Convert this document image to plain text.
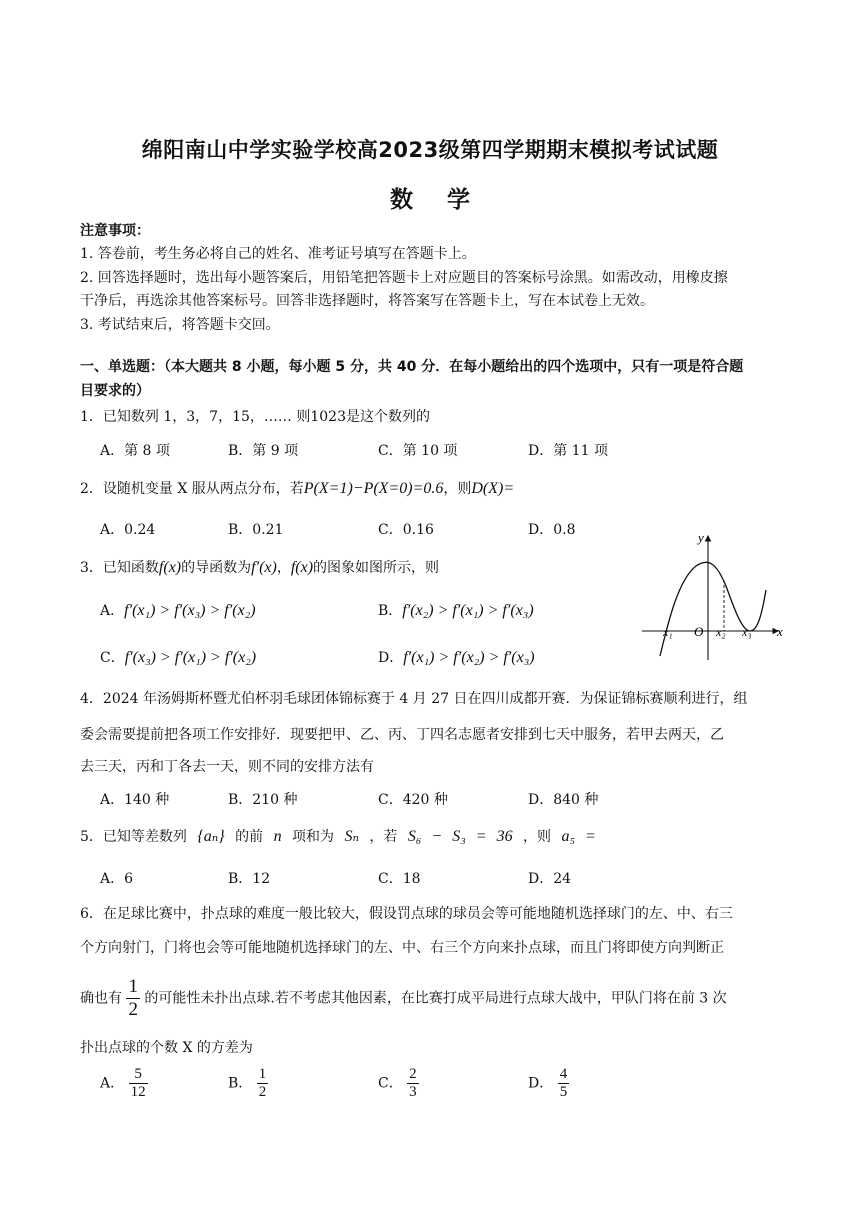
绵阳南山中学实验学校高2023级第四学期期末模拟考试试题
数学
注意事项：
1. 答卷前，考生务必将自己的姓名、准考证号填写在答题卡上。
2. 回答选择题时，选出每小题答案后，用铅笔把答题卡上对应题目的答案标号涂黑。如需改动，用橡皮擦
干净后，再选涂其他答案标号。回答非选择题时，将答案写在答题卡上，写在本试卷上无效。
3. 考试结束后，将答题卡交回。
一、单选题：（本大题共 8 小题，每小题 5 分，共 40 分．在每小题给出的四个选项中，只有一项是符合题
目要求的）
1．已知数列 1，3，7，15，…… 则1023是这个数列的
A．第 8 项	B．第 9 项	C．第 10 项	D．第 11 项
2．设随机变量 X 服从两点分布，若P(X=1)−P(X=0)=0.6，则D(X)=
A．0.24	B．0.21	C．0.16	D．0.8
3．已知函数f(x)的导函数为f′(x)，f(x)的图象如图所示，则
A．f′(x₁) > f′(x₃) > f′(x₂)	B．f′(x₂) > f′(x₁) > f′(x₃)
C．f′(x₃) > f′(x₁) > f′(x₂)	D．f′(x₁) > f′(x₂) > f′(x₃)
y
x
O
x₁	x₂ x₃
4．2024 年汤姆斯杯暨尤伯杯羽毛球团体锦标赛于 4 月 27 日在四川成都开赛．为保证锦标赛顺利进行，组
委会需要提前把各项工作安排好．现要把甲、乙、丙、丁四名志愿者安排到七天中服务，若甲去两天，乙
去三天，丙和丁各去一天，则不同的安排方法有
A．140 种	B．210 种	C．420 种	D．840 种
5．已知等差数列 {aₙ} 的前 n 项和为 Sₙ ，若 S₆ − S₃ = 36 ，则 a₅ =
A．6	B．12	C．18	D．24
6．在足球比赛中，扑点球的难度一般比较大，假设罚点球的球员会等可能地随机选择球门的左、中、右三
个方向射门，门将也会等可能地随机选择球门的左、中、右三个方向来扑点球，而且门将即使方向判断正
确也有 $\frac{1}{2}$ 的可能性未扑出点球.若不考虑其他因素，在比赛打成平局进行点球大战中，甲队门将在前 3 次
扑出点球的个数 X 的方差为
A． $\frac{5}{12}$	B． $\frac{1}{2}$	C． $\frac{2}{3}$	D． $\frac{4}{5}$
